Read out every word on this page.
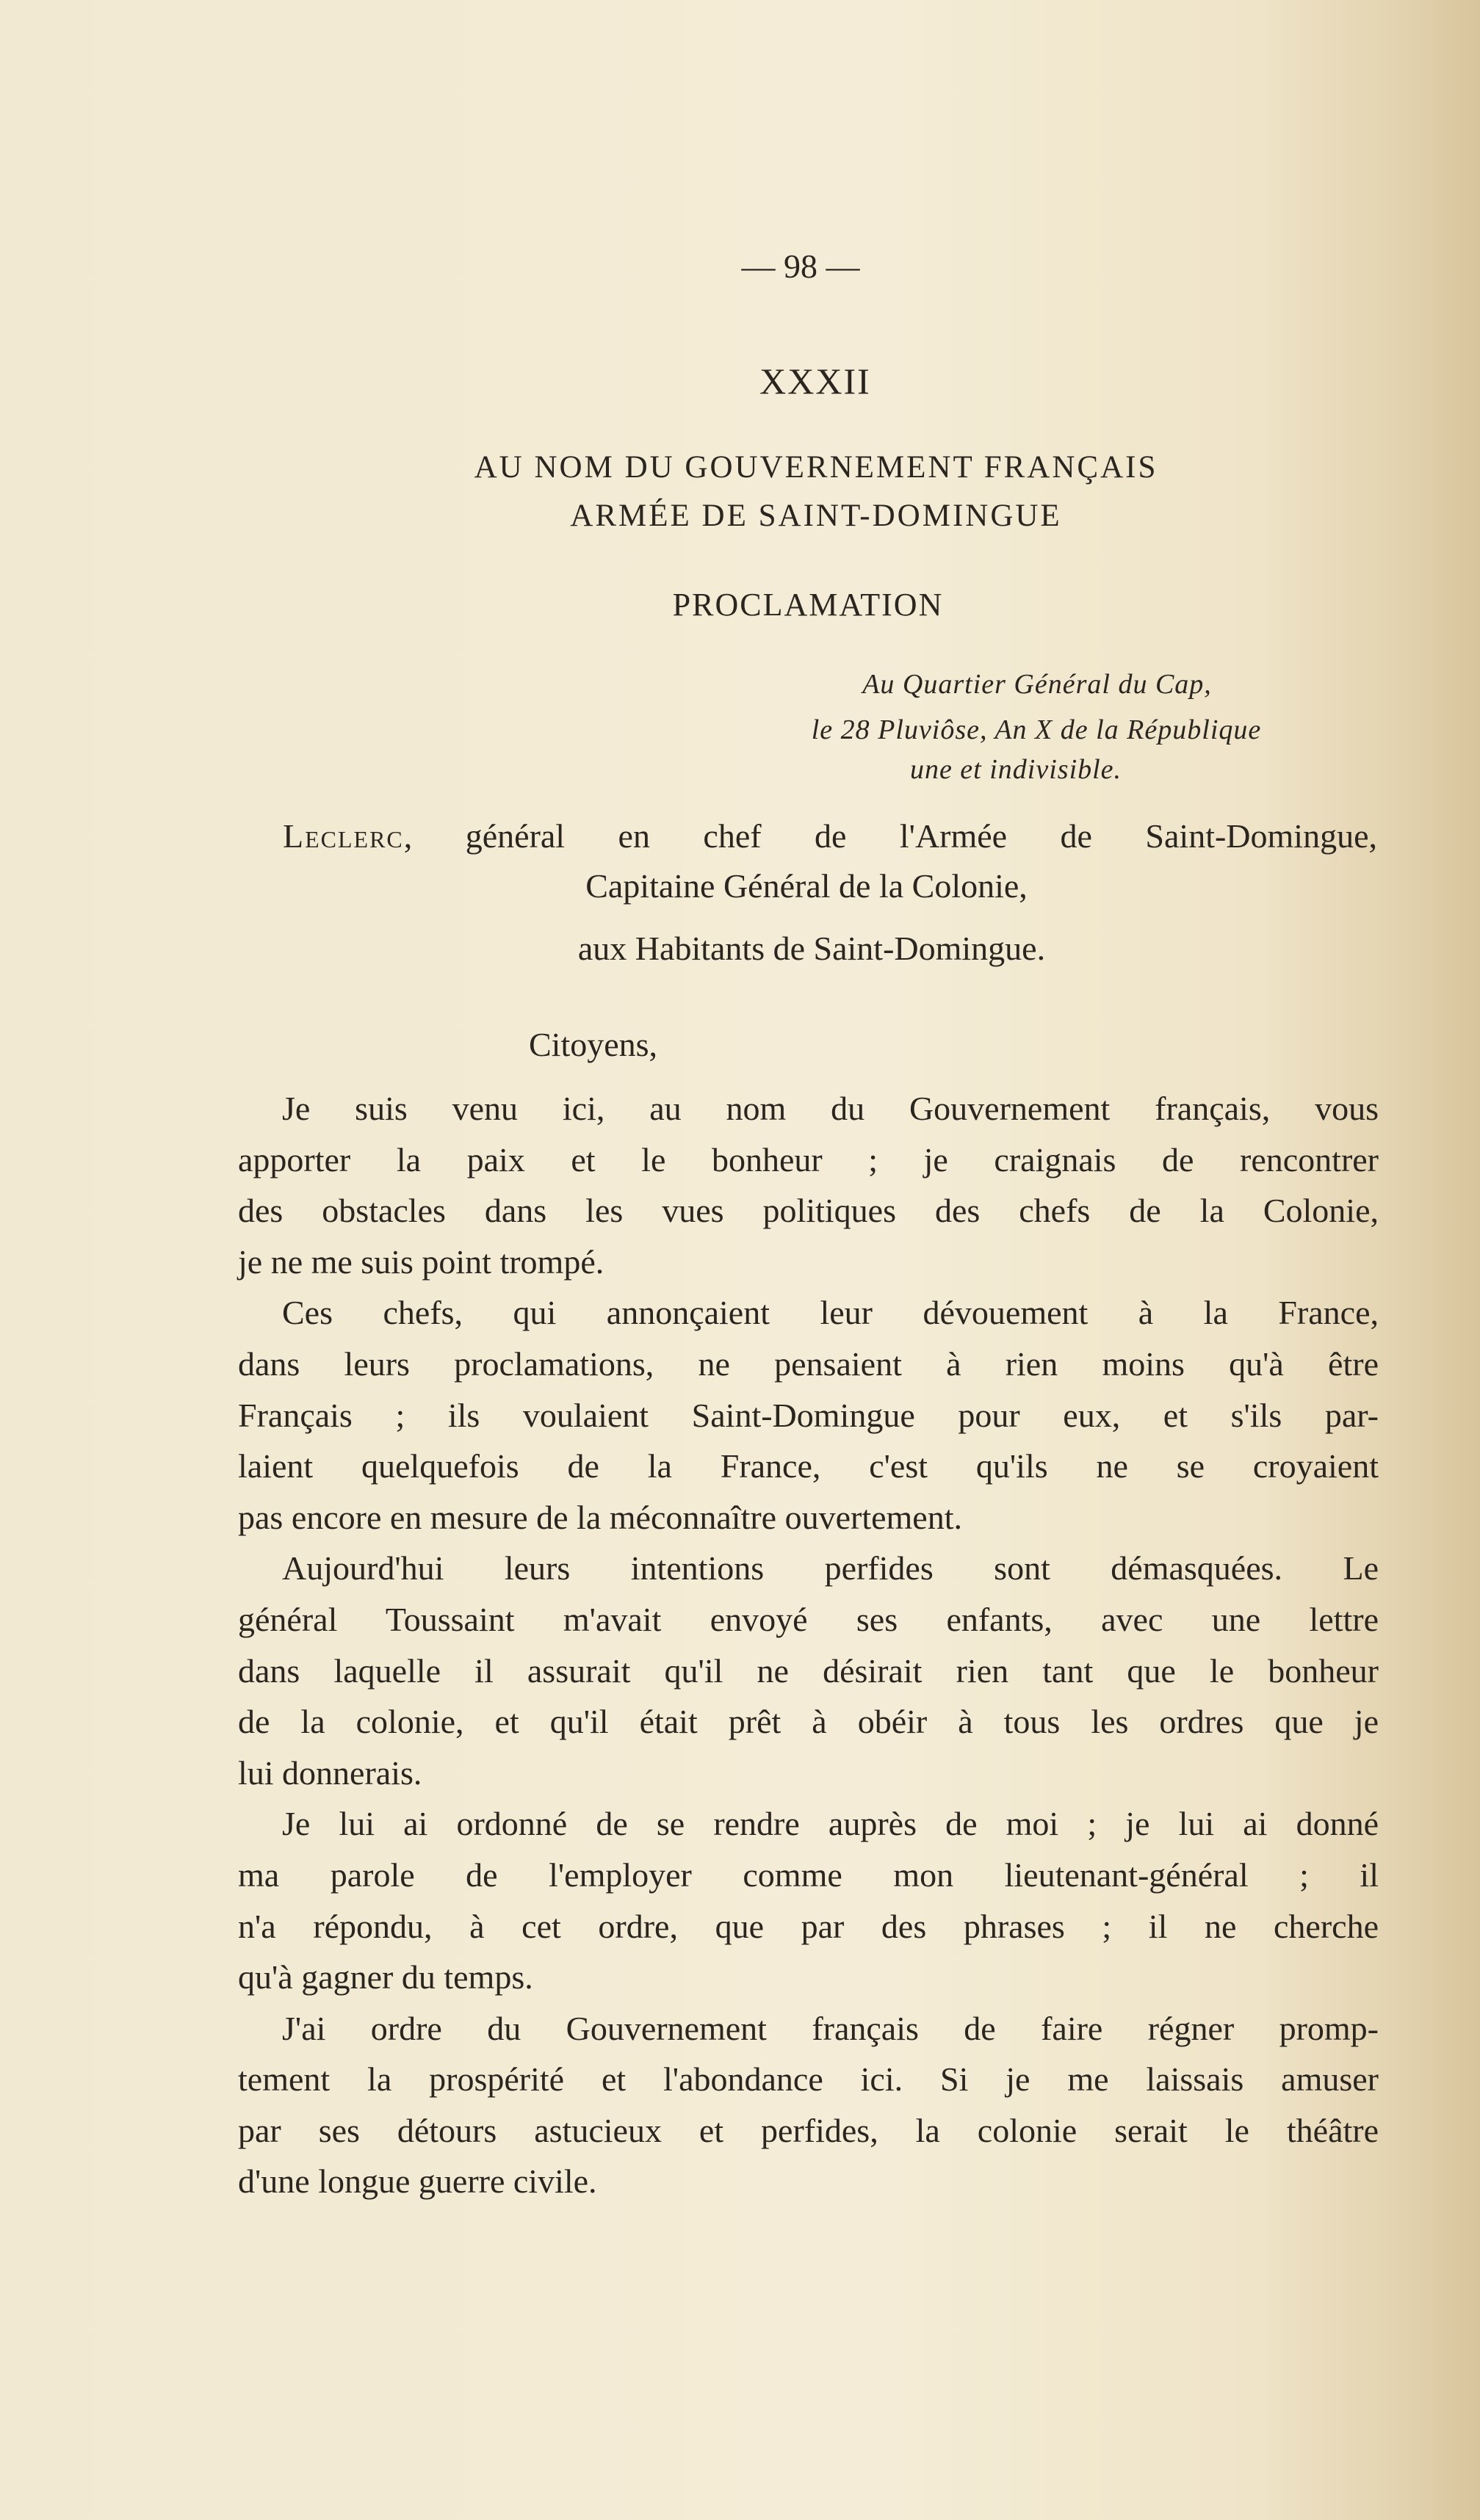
— 98 —
XXXII
AU NOM DU GOUVERNEMENT FRANÇAIS
ARMÉE DE SAINT-DOMINGUE
PROCLAMATION
Au Quartier Général du Cap,
le 28 Pluviôse, An X de la République
une et indivisible.
Leclerc, général en chef de l'Armée de Saint-Domingue,
Capitaine Général de la Colonie,
aux Habitants de Saint-Domingue.
Citoyens,
Je suis venu ici, au nom du Gouvernement français, vous
apporter la paix et le bonheur ; je craignais de rencontrer
des obstacles dans les vues politiques des chefs de la Colonie,
je ne me suis point trompé.
Ces chefs, qui annonçaient leur dévouement à la France,
dans leurs proclamations, ne pensaient à rien moins qu'à être
Français ; ils voulaient Saint-Domingue pour eux, et s'ils par-
laient quelquefois de la France, c'est qu'ils ne se croyaient
pas encore en mesure de la méconnaître ouvertement.
Aujourd'hui leurs intentions perfides sont démasquées. Le
général Toussaint m'avait envoyé ses enfants, avec une lettre
dans laquelle il assurait qu'il ne désirait rien tant que le bonheur
de la colonie, et qu'il était prêt à obéir à tous les ordres que je
lui donnerais.
Je lui ai ordonné de se rendre auprès de moi ; je lui ai donné
ma parole de l'employer comme mon lieutenant-général ; il
n'a répondu, à cet ordre, que par des phrases ; il ne cherche
qu'à gagner du temps.
J'ai ordre du Gouvernement français de faire régner promp-
tement la prospérité et l'abondance ici. Si je me laissais amuser
par ses détours astucieux et perfides, la colonie serait le théâtre
d'une longue guerre civile.
